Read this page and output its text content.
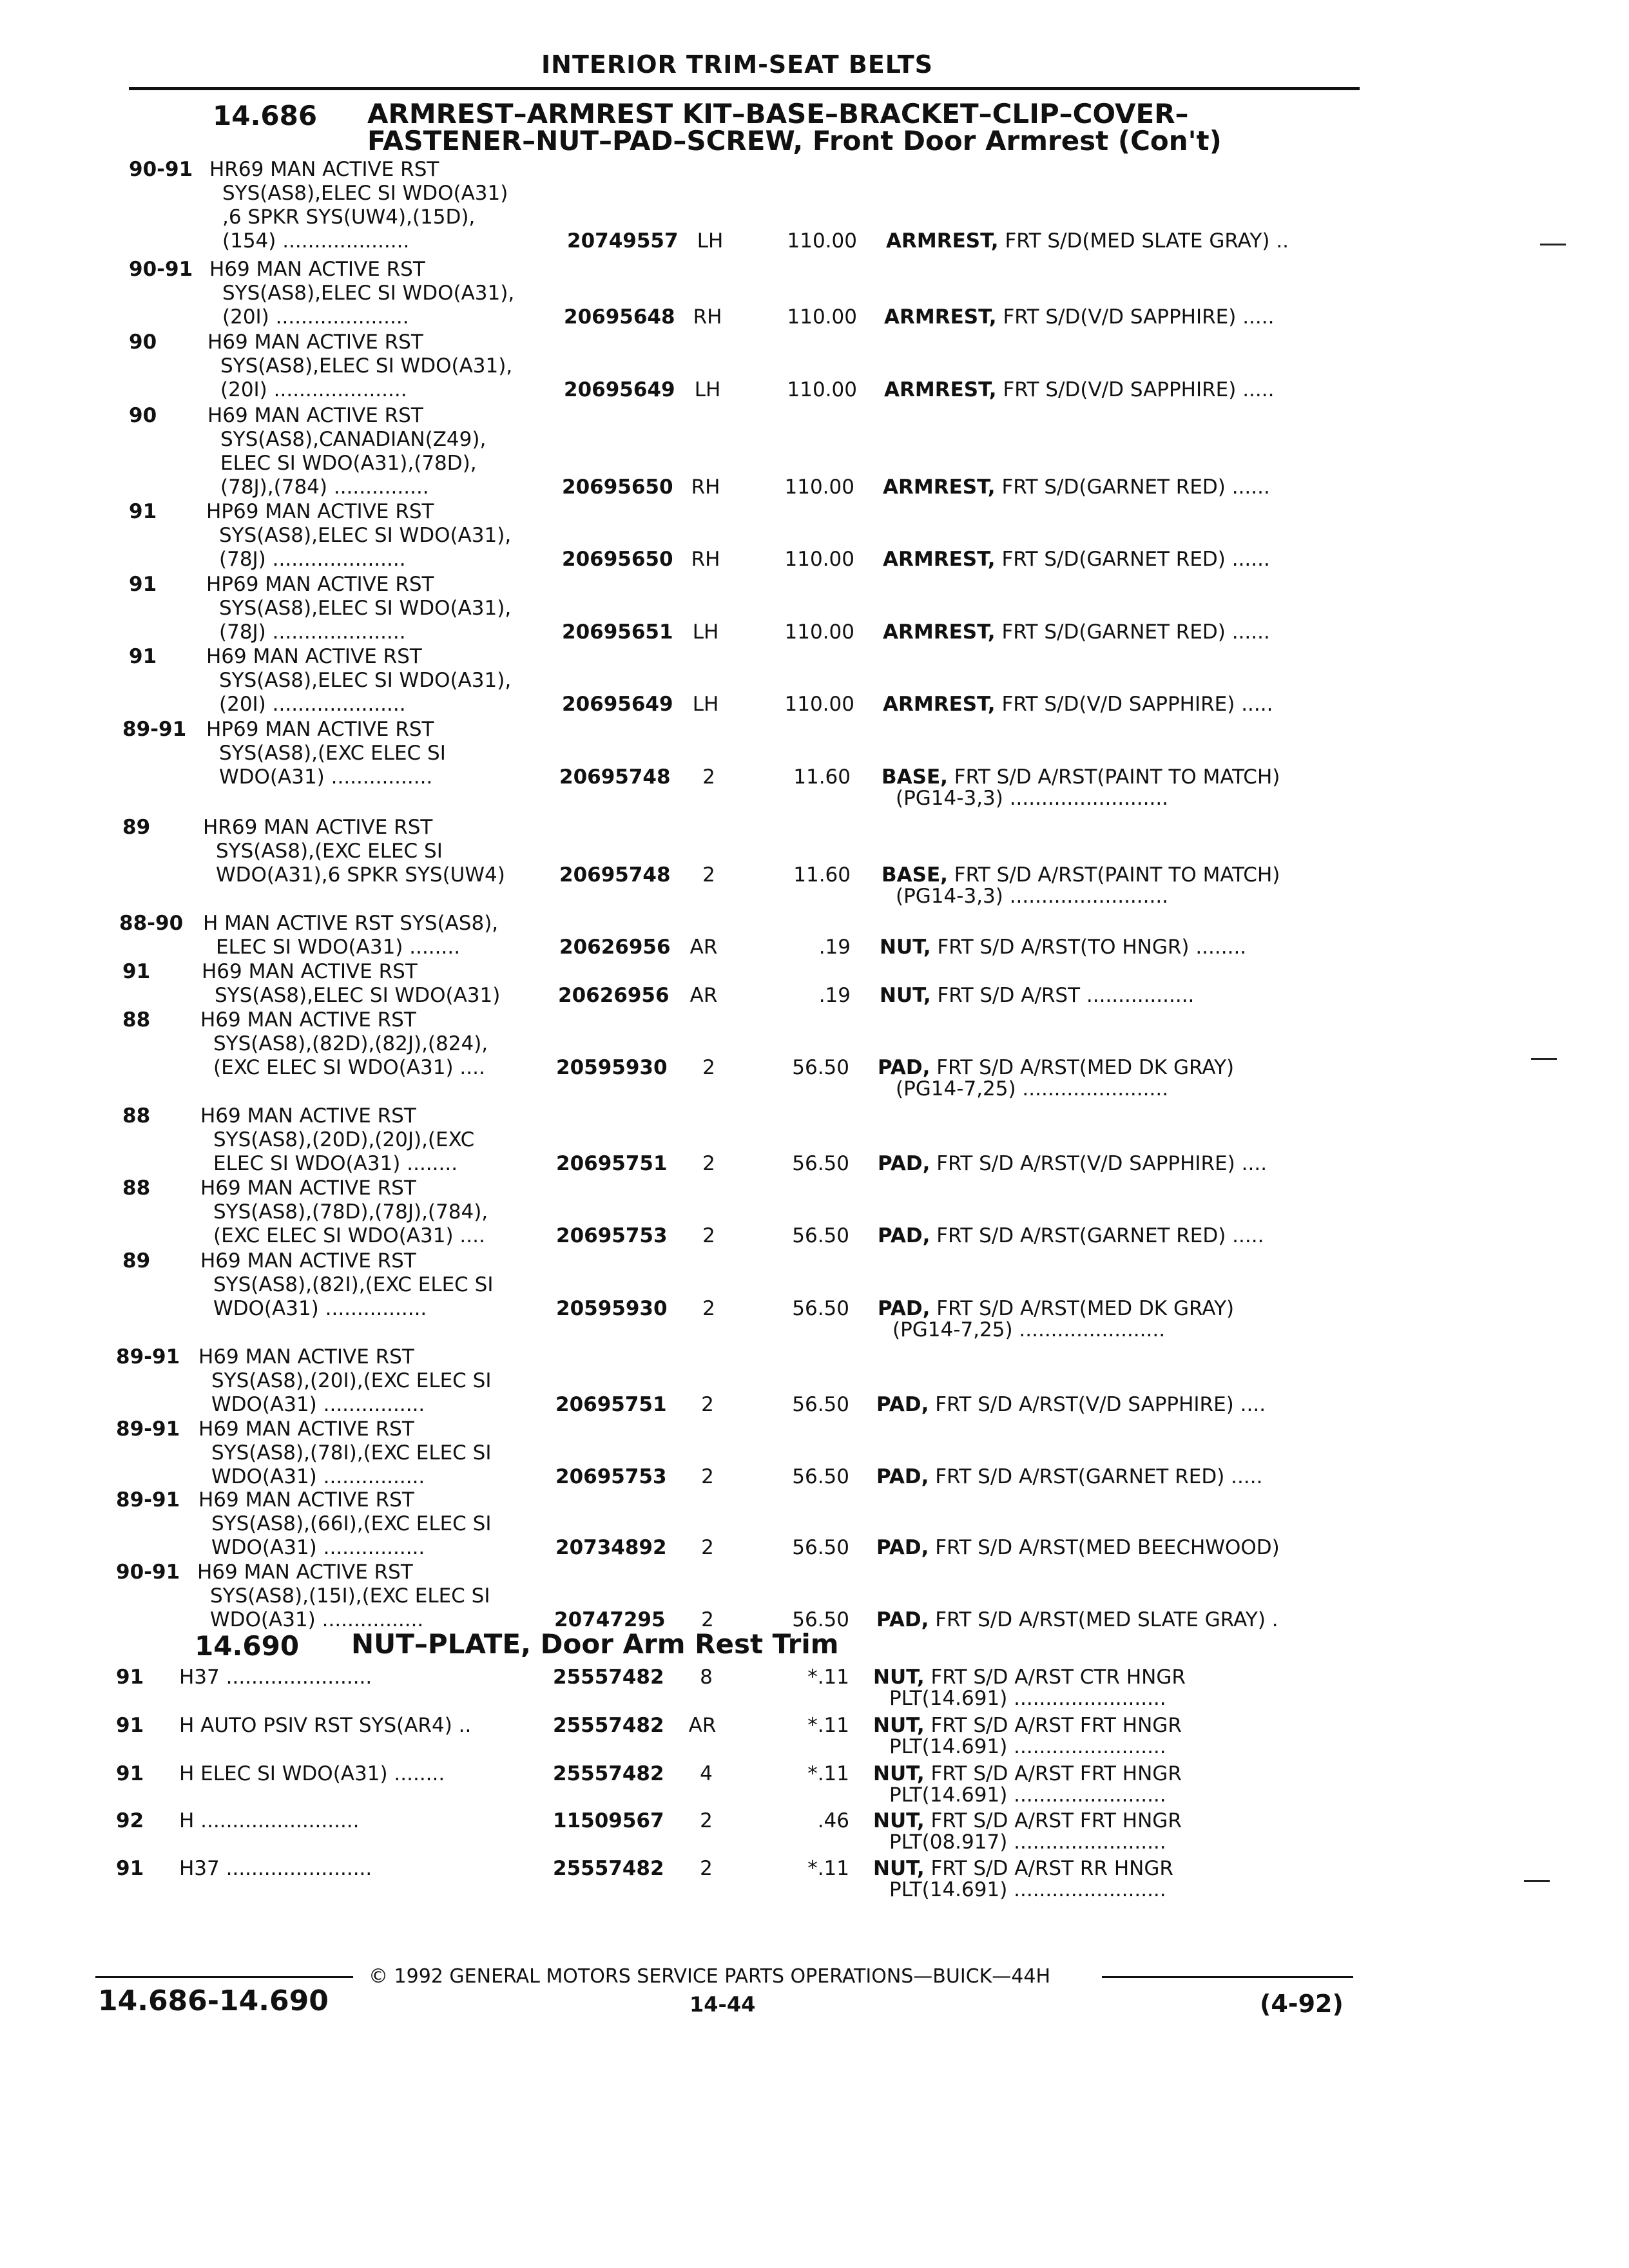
INTERIOR TRIM-SEAT BELTS
14.686 ARMREST–ARMREST KIT–BASE–BRACKET–CLIP–COVER–
FASTENER–NUT–PAD–SCREW, Front Door Armrest (Con't)
14.690 NUT–PLATE, Door Arm Rest Trim
90-91 HR69 MAN ACTIVE RST
SYS(AS8),ELEC SI WDO(A31)
,6 SPKR SYS(UW4),(15D),
(154) ....................	20749557 LH	110.00 ARMREST, FRT S/D(MED SLATE GRAY) ..
90-91 H69 MAN ACTIVE RST
SYS(AS8),ELEC SI WDO(A31),
(20I) .....................	20695648 RH	110.00 ARMREST, FRT S/D(V/D SAPPHIRE) .....
90	H69 MAN ACTIVE RST
SYS(AS8),ELEC SI WDO(A31),
(20I) .....................	20695649 LH	110.00 ARMREST, FRT S/D(V/D SAPPHIRE) .....
90	H69 MAN ACTIVE RST
SYS(AS8),CANADIAN(Z49),
ELEC SI WDO(A31),(78D),
(78J),(784) ...............	20695650 RH	110.00 ARMREST, FRT S/D(GARNET RED) ......
91 HP69 MAN ACTIVE RST
SYS(AS8),ELEC SI WDO(A31),
(78J) .....................	20695650 RH	110.00 ARMREST, FRT S/D(GARNET RED) ......
91 HP69 MAN ACTIVE RST
SYS(AS8),ELEC SI WDO(A31),
(78J) .....................	20695651 LH	110.00 ARMREST, FRT S/D(GARNET RED) ......
91 H69 MAN ACTIVE RST
SYS(AS8),ELEC SI WDO(A31),
(20I) .....................	20695649 LH	110.00 ARMREST, FRT S/D(V/D SAPPHIRE) .....
89-91 HP69 MAN ACTIVE RST
SYS(AS8),(EXC ELEC SI
WDO(A31) ................	20695748	2	11.60 BASE, FRT S/D A/RST(PAINT TO MATCH)
(PG14-3,3) .........................
89	HR69 MAN ACTIVE RST
SYS(AS8),(EXC ELEC SI
WDO(A31),6 SPKR SYS(UW4)	20695748	2	11.60 BASE, FRT S/D A/RST(PAINT TO MATCH)
(PG14-3,3) .........................
88-90 H MAN ACTIVE RST SYS(AS8),
ELEC SI WDO(A31) ........	20626956 AR	.19 NUT, FRT S/D A/RST(TO HNGR) ........
91	H69 MAN ACTIVE RST
SYS(AS8),ELEC SI WDO(A31)	20626956	AR	.19 NUT, FRT S/D A/RST .................
88	H69 MAN ACTIVE RST
SYS(AS8),(82D),(82J),(824),
(EXC ELEC SI WDO(A31) ....	20595930	2	56.50 PAD, FRT S/D A/RST(MED DK GRAY)
(PG14-7,25) .......................
88	H69 MAN ACTIVE RST
SYS(AS8),(20D),(20J),(EXC
ELEC SI WDO(A31) ........	20695751	2	56.50 PAD, FRT S/D A/RST(V/D SAPPHIRE) ....
88	H69 MAN ACTIVE RST
SYS(AS8),(78D),(78J),(784),
(EXC ELEC SI WDO(A31) ....	20695753	2	56.50 PAD, FRT S/D A/RST(GARNET RED) .....
89	H69 MAN ACTIVE RST
SYS(AS8),(82I),(EXC ELEC SI
WDO(A31) ................	20595930	2	56.50 PAD, FRT S/D A/RST(MED DK GRAY)
(PG14-7,25) .......................
89-91 H69 MAN ACTIVE RST
SYS(AS8),(20I),(EXC ELEC SI
WDO(A31) ................	20695751	2	56.50 PAD, FRT S/D A/RST(V/D SAPPHIRE) ....
89-91 H69 MAN ACTIVE RST
SYS(AS8),(78I),(EXC ELEC SI
WDO(A31) ................	20695753	2	56.50 PAD, FRT S/D A/RST(GARNET RED) .....
89-91 H69 MAN ACTIVE RST
SYS(AS8),(66I),(EXC ELEC SI
WDO(A31) ................	20734892	2	56.50 PAD, FRT S/D A/RST(MED BEECHWOOD)
90-91 H69 MAN ACTIVE RST
SYS(AS8),(15I),(EXC ELEC SI
WDO(A31) ................	20747295	2	56.50 PAD, FRT S/D A/RST(MED SLATE GRAY) .
91 H37 .......................	25557482	8	*.11 NUT, FRT S/D A/RST CTR HNGR
PLT(14.691) ........................
91 H AUTO PSIV RST SYS(AR4) ..	25557482	AR	*.11 NUT, FRT S/D A/RST FRT HNGR
PLT(14.691) ........................
91 H ELEC SI WDO(A31) ........	25557482	4	*.11 NUT, FRT S/D A/RST FRT HNGR
PLT(14.691) ........................
92 H .........................	11509567	2	.46 NUT, FRT S/D A/RST FRT HNGR
PLT(08.917) ........................
91 H37 .......................	25557482	2	*.11 NUT, FRT S/D A/RST RR HNGR
PLT(14.691) ........................
© 1992 GENERAL MOTORS SERVICE PARTS OPERATIONS—BUICK—44H
14.686-14.690	14-44	(4-92)
